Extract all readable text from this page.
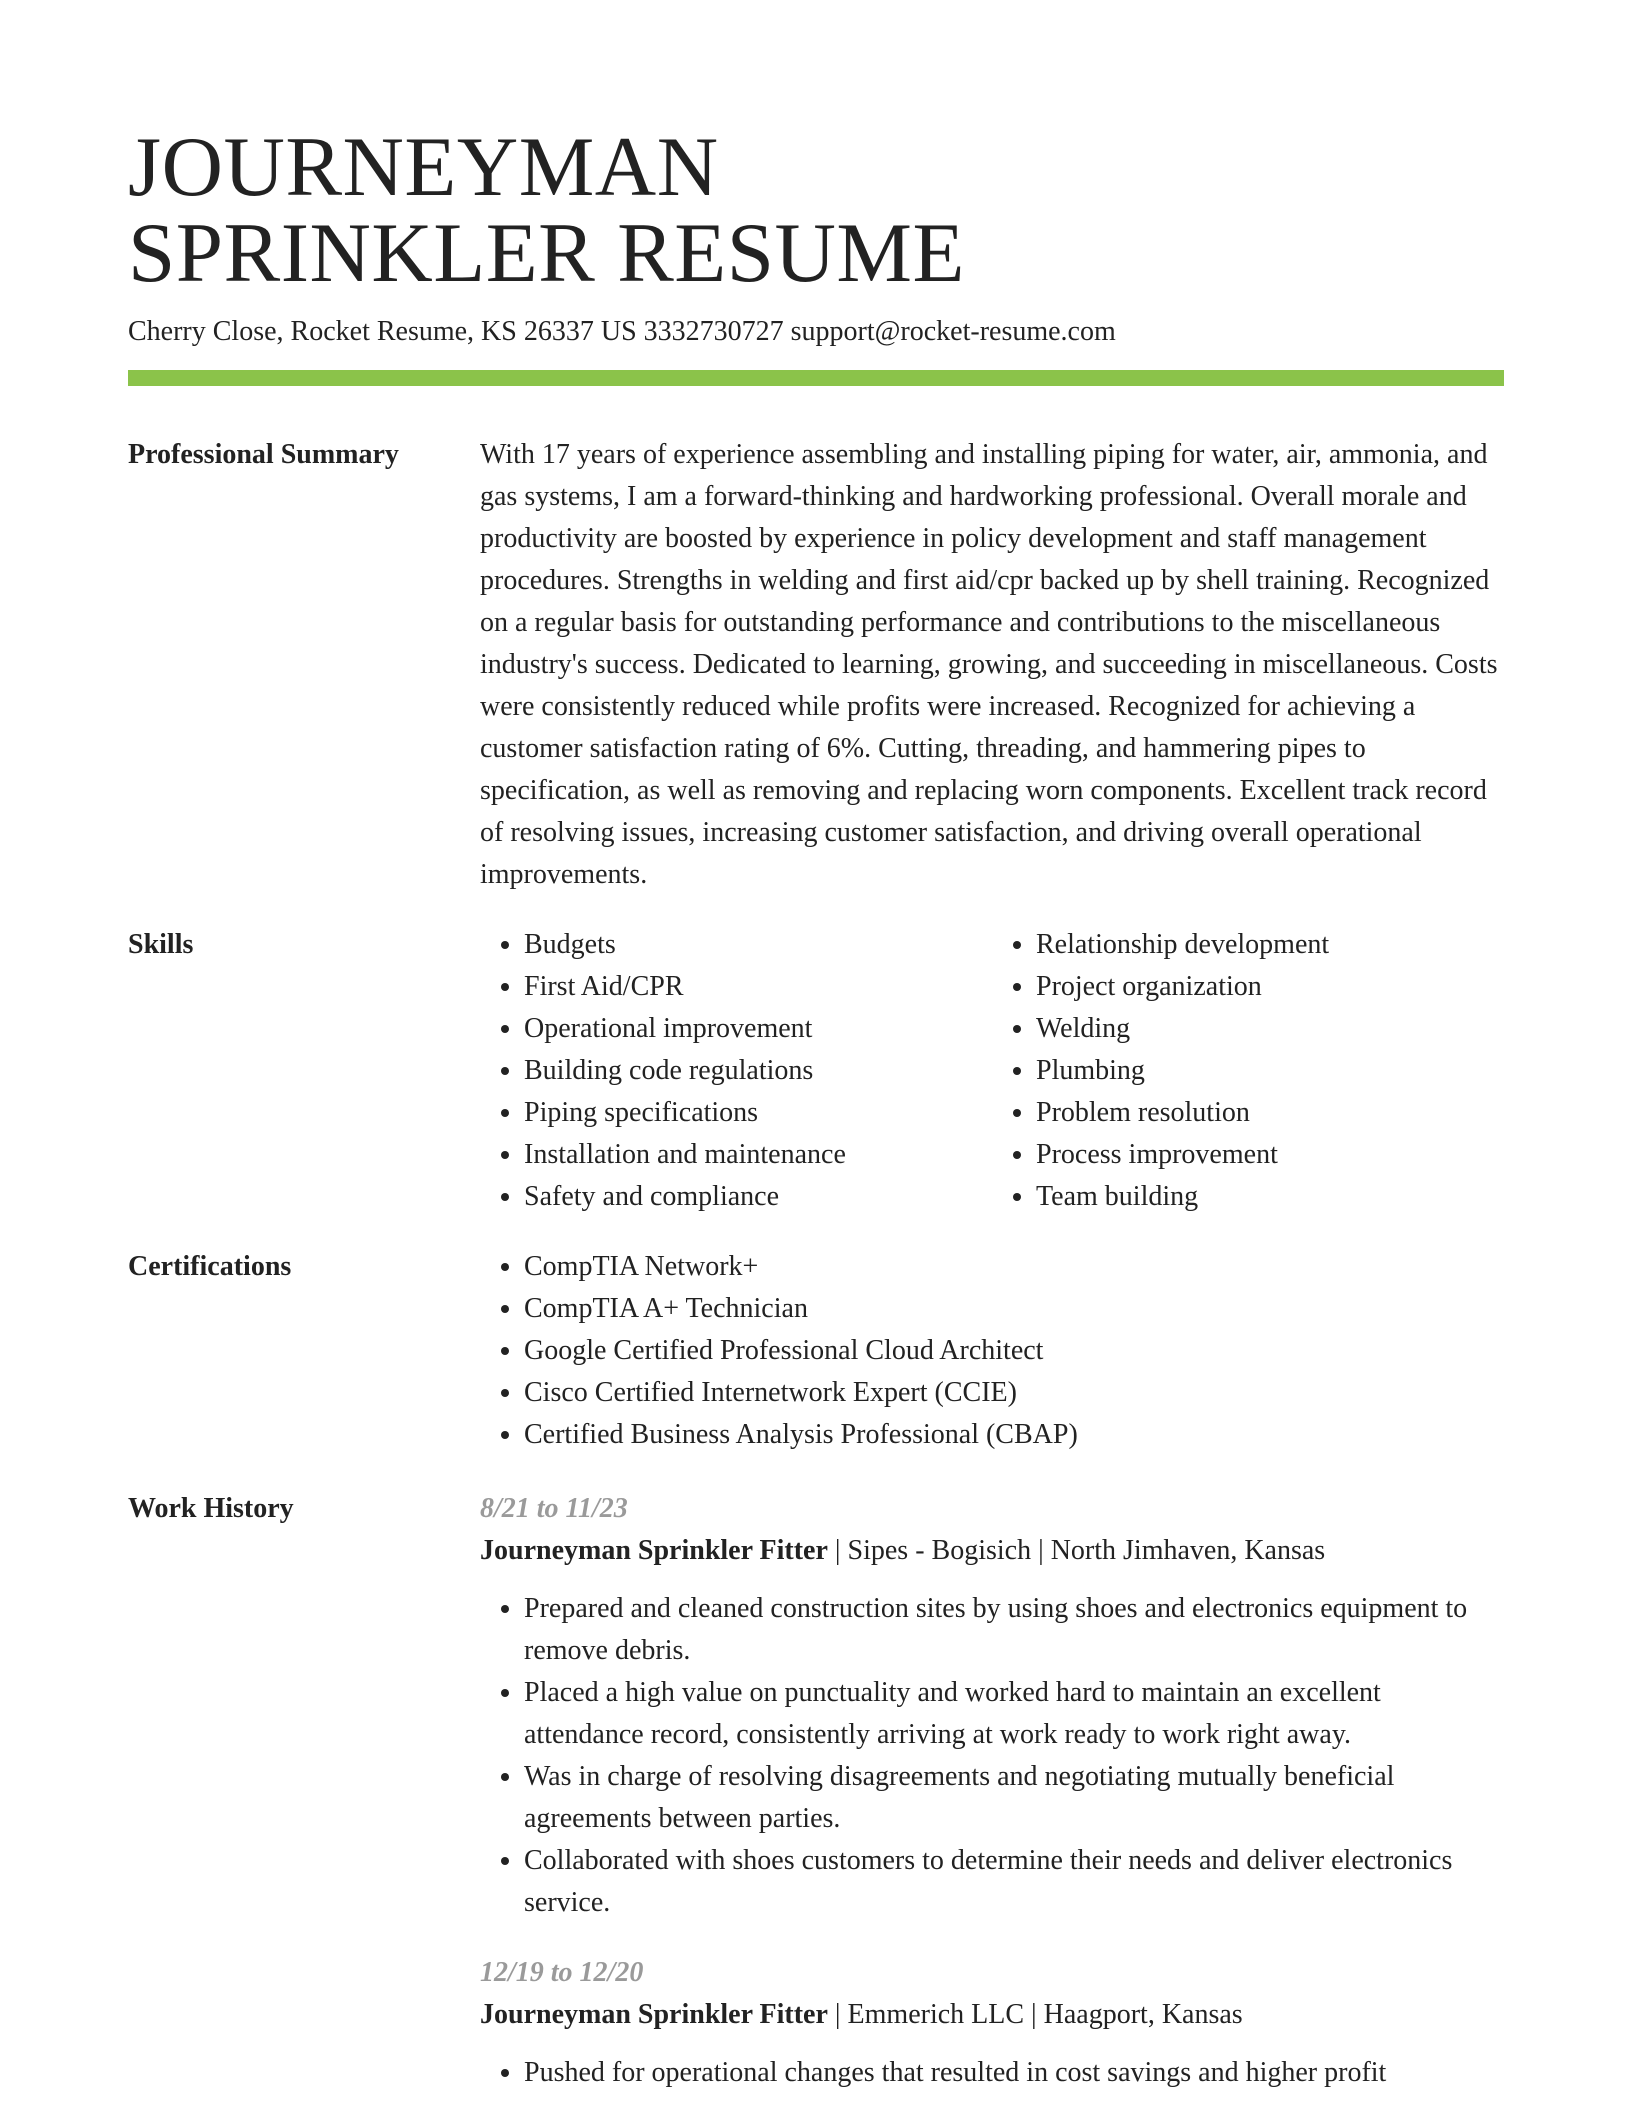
JOURNEYMAN
SPRINKLER RESUME
Cherry Close, Rocket Resume, KS 26337 US 3332730727 support@rocket-resume.com
Professional Summary	With 17 years of experience assembling and installing piping for water, air, ammonia, and gas systems, I am a forward-thinking and hardworking professional. Overall morale and productivity are boosted by experience in policy development and staff management procedures. Strengths in welding and first aid/cpr backed up by shell training. Recognized on a regular basis for outstanding performance and contributions to the miscellaneous industry's success. Dedicated to learning, growing, and succeeding in miscellaneous. Costs were consistently reduced while profits were increased. Recognized for achieving a customer satisfaction rating of 6%. Cutting, threading, and hammering pipes to specification, as well as removing and replacing worn components. Excellent track record of resolving issues, increasing customer satisfaction, and driving overall operational improvements.

Skills	• Budgets
• First Aid/CPR
• Operational improvement
• Building code regulations
• Piping specifications
• Installation and maintenance
• Safety and compliance
• Relationship development
• Project organization
• Welding
• Plumbing
• Problem resolution
• Process improvement
• Team building
Certifications	• CompTIA Network+
• CompTIA A+ Technician
• Google Certified Professional Cloud Architect
• Cisco Certified Internetwork Expert (CCIE)
• Certified Business Analysis Professional (CBAP)
Work History	8/21 to 11/23
Journeyman Sprinkler Fitter | Sipes - Bogisich | North Jimhaven, Kansas
• Prepared and cleaned construction sites by using shoes and electronics equipment to remove debris.
• Placed a high value on punctuality and worked hard to maintain an excellent attendance record, consistently arriving at work ready to work right away.
• Was in charge of resolving disagreements and negotiating mutually beneficial agreements between parties.
• Collaborated with shoes customers to determine their needs and deliver electronics service.
12/19 to 12/20
Journeyman Sprinkler Fitter | Emmerich LLC | Haagport, Kansas
• Pushed for operational changes that resulted in cost savings and higher profit
